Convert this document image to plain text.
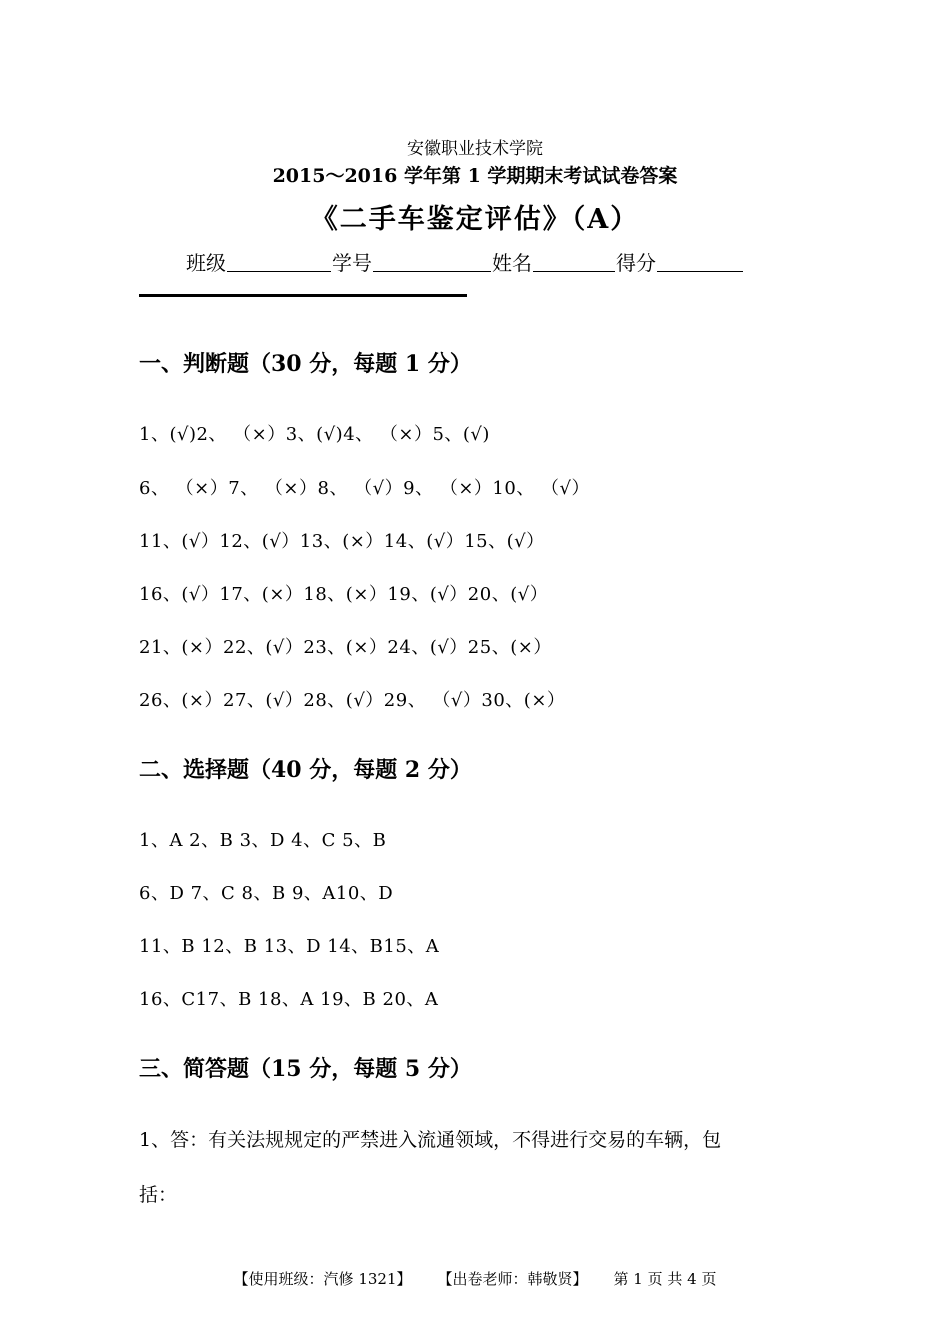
安徽职业技术学院
2015～2016 学年第 1 学期期末考试试卷答案
《二手车鉴定评估》（A）
班级	学号	姓名	得分
一、判断题（30 分，每题 1 分）
1、(√)2、 （×）3、(√)4、 （×）5、(√)
6、 （×）7、 （×）8、 （√）9、 （×）10、 （√）
11、(√）12、(√）13、(×）14、(√）15、(√）
16、(√）17、(×）18、(×）19、(√）20、(√）
21、(×）22、(√）23、(×）24、(√）25、(×）
26、(×）27、(√）28、(√）29、 （√）30、(×）
二、选择题（40 分，每题 2 分）
1、A 2、B 3、D 4、C 5、B
6、D 7、C 8、B 9、A10、D
11、B 12、B 13、D 14、B15、A
16、C17、B 18、A 19、B 20、A
三、简答题（15 分，每题 5 分）
1、答：有关法规规定的严禁进入流通领域，不得进行交易的车辆，包
括：
【使用班级：汽修 1321】 【出卷老师：韩敬贤】 第 1 页 共 4 页
